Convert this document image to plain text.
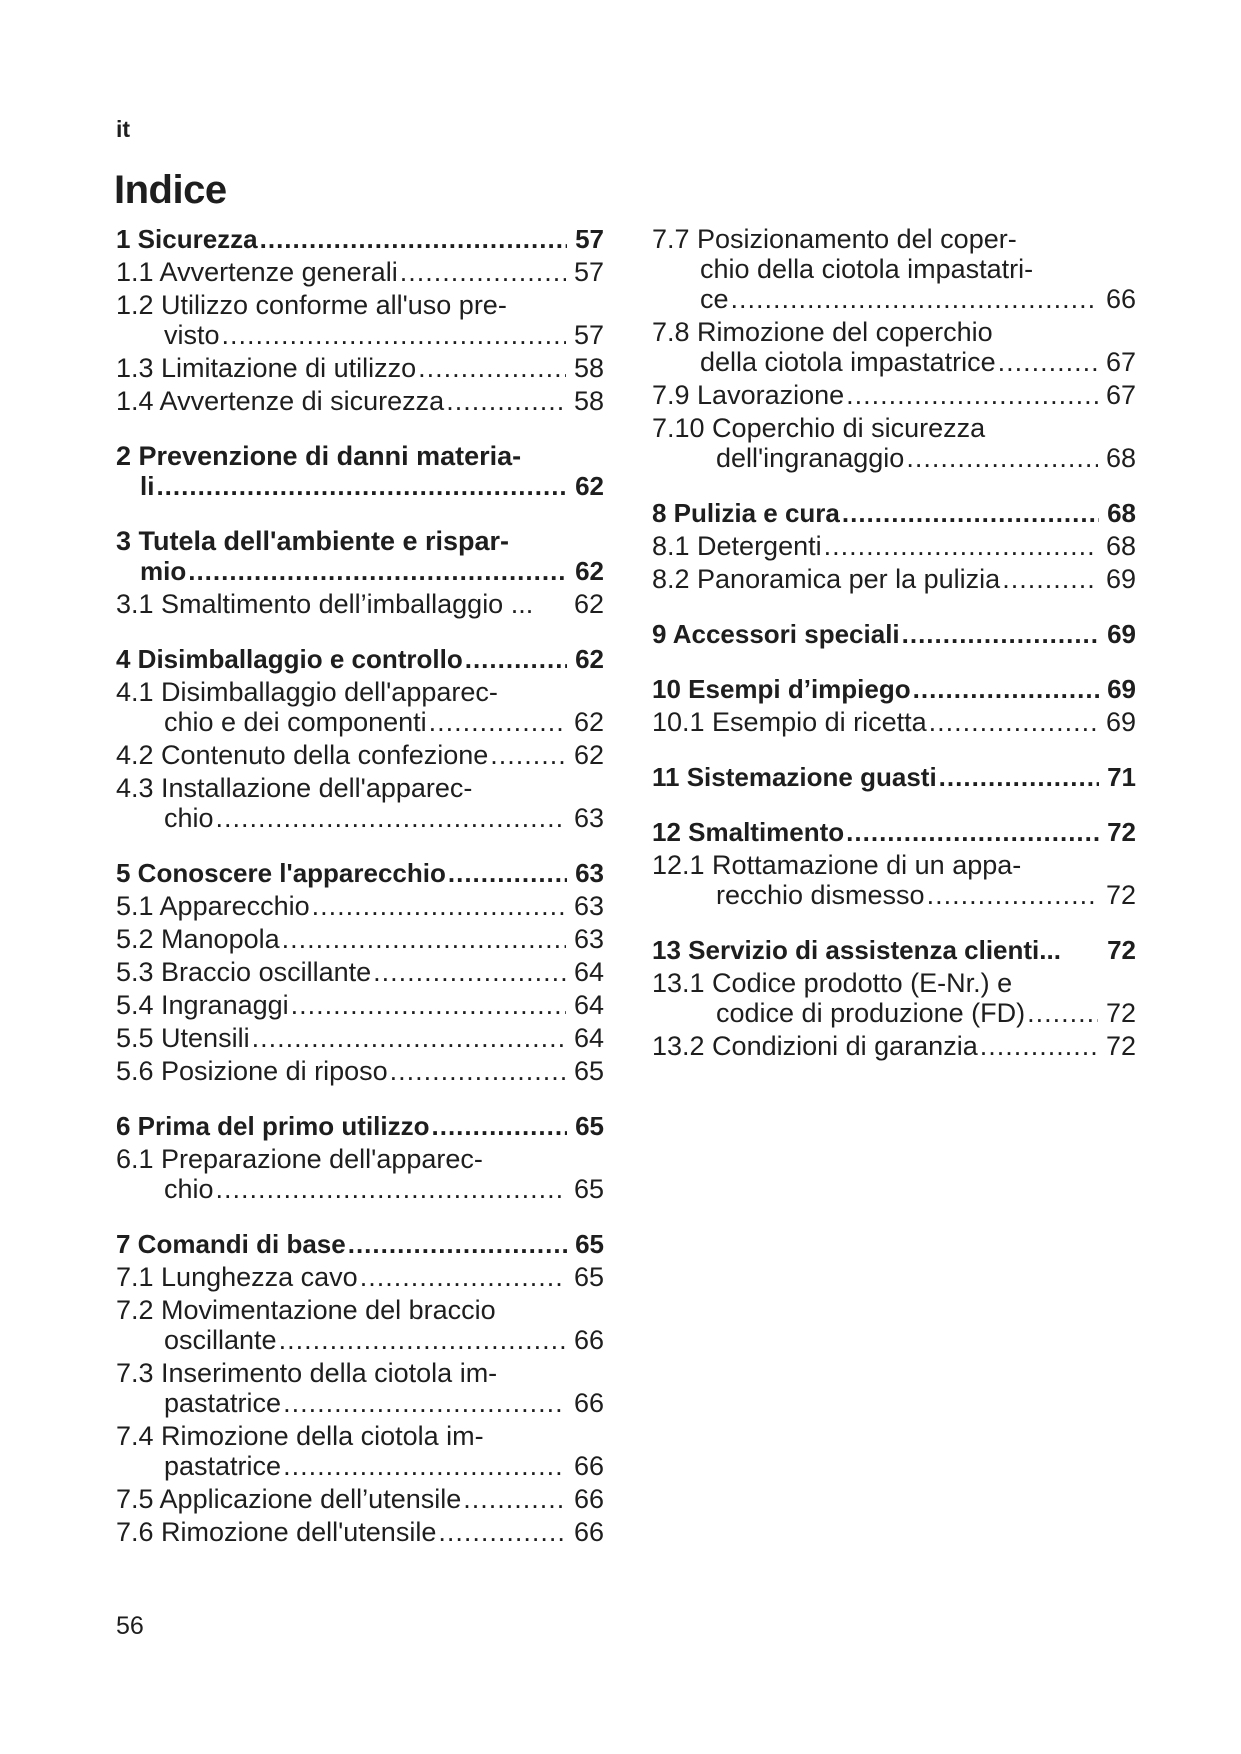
it
Indice
1 Sicurezza .....	57
1.1 Avvertenze generali .....	57
1.2 Utilizzo conforme all'uso pre-
visto .....	57
1.3 Limitazione di utilizzo .....	58
1.4 Avvertenze di sicurezza .....	58
2 Prevenzione di danni materia-
li .....	62
3 Tutela dell'ambiente e rispar-
mio .....	62
3.1 Smaltimento dell’imballaggio ... 62
4 Disimballaggio e controllo .....	62
4.1 Disimballaggio dell'apparec-
chio e dei componenti .....	62
4.2 Contenuto della confezione .....	62
4.3 Installazione dell'apparec-
chio .....	63
5 Conoscere l'apparecchio .....	63
5.1 Apparecchio .....	63
5.2 Manopola .....	63
5.3 Braccio oscillante .....	64
5.4 Ingranaggi .....	64
5.5 Utensili .....	64
5.6 Posizione di riposo .....	65
6 Prima del primo utilizzo .....	65
6.1 Preparazione dell'apparec-
chio .....	65
7 Comandi di base .....	65
7.1 Lunghezza cavo .....	65
7.2 Movimentazione del braccio
oscillante .....	66
7.3 Inserimento della ciotola im-
pastatrice .....	66
7.4 Rimozione della ciotola im-
pastatrice .....	66
7.5 Applicazione dell’utensile .....	66
7.6 Rimozione dell'utensile .....	66
7.7 Posizionamento del coper-
chio della ciotola impastatri-
ce .....	66
7.8 Rimozione del coperchio
della ciotola impastatrice .....	67
7.9 Lavorazione .....	67
7.10 Coperchio di sicurezza
dell'ingranaggio .....	68
8 Pulizia e cura .....	68
8.1 Detergenti .....	68
8.2 Panoramica per la pulizia .....	69
9 Accessori speciali .....	69
10 Esempi d’impiego .....	69
10.1 Esempio di ricetta .....	69
11 Sistemazione guasti .....	71
12 Smaltimento .....	72
12.1 Rottamazione di un appa-
recchio dismesso .....	72
13 Servizio di assistenza clienti... 72
13.1 Codice prodotto (E-Nr.) e
codice di produzione (FD) .....	72
13.2 Condizioni di garanzia .....	72
56
